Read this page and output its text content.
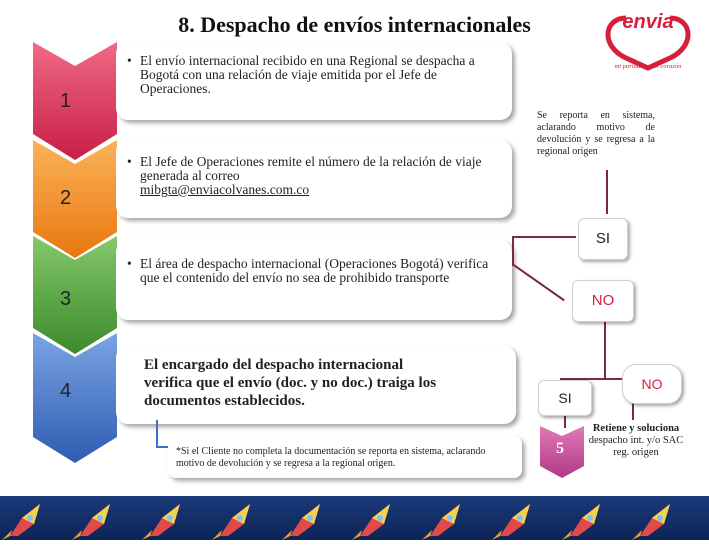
8. Despacho de envíos internacionales	envia
mi partida por el corazón
1
2
3
4
• El envío internacional recibido en una Regional se despacha a Bogotá con una relación de viaje emitida por el Jefe de Operaciones.
• El Jefe de Operaciones remite el número de la relación de viaje generada al correo
mibgta@enviacolvanes.com.co
• El área de despacho internacional (Operaciones Bogotá) verifica que el contenido del envío no sea de prohibido transporte
El encargado del despacho internacional verifica que el envío (doc. y no doc.) traiga los documentos establecidos.
*Si el Cliente no completa la documentación se reporta en sistema, aclarando motivo de devolución y se regresa a la regional origen.
Se reporta en sistema, aclarando motivo de devolución y se regresa a la regional origen
SI
NO
SI
NO
5
Retiene y soluciona
despacho int. y/o SAC reg. origen
